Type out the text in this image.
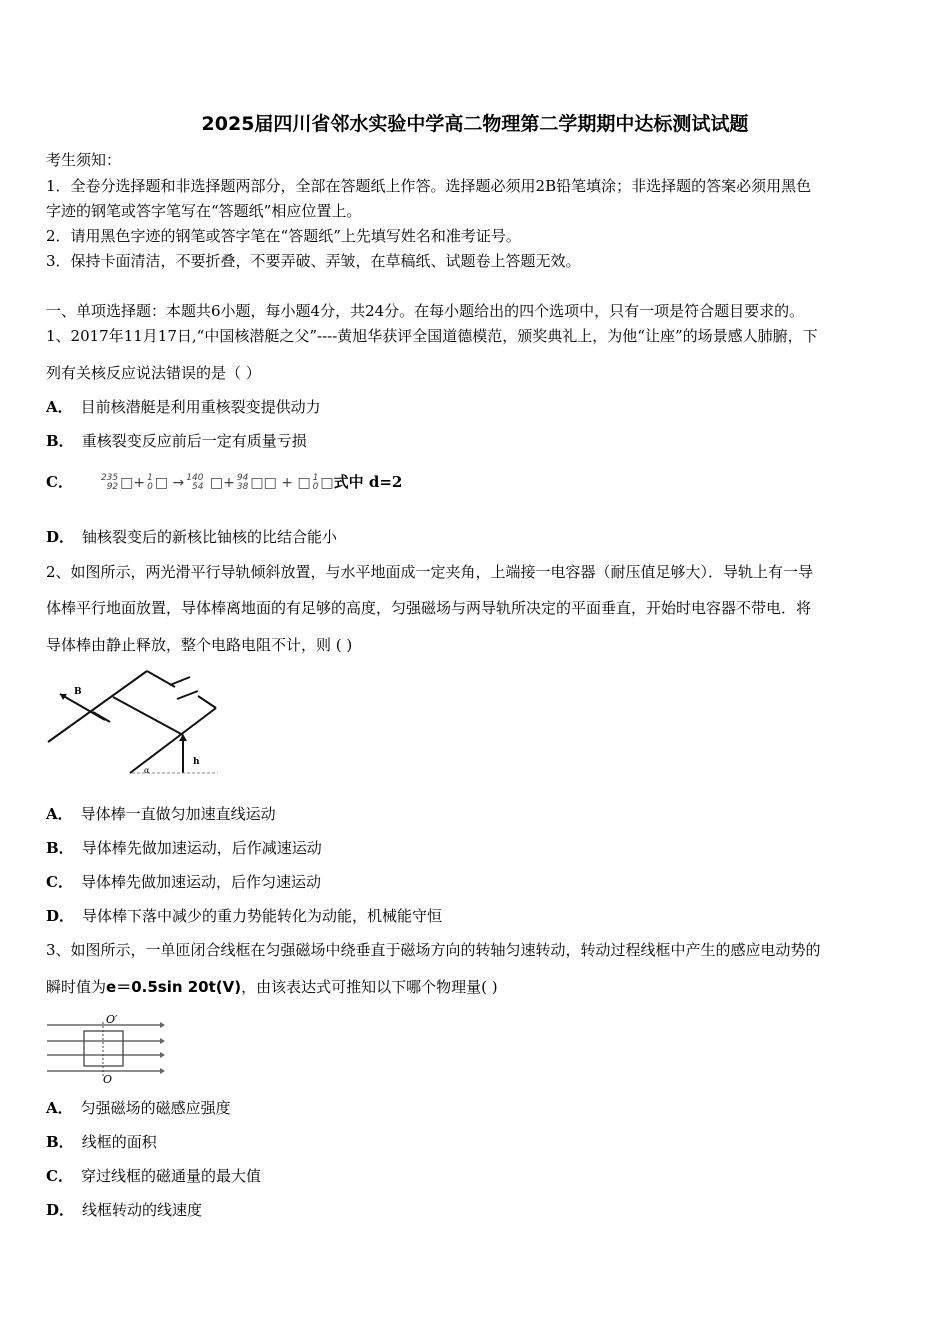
2025届四川省邻水实验中学高二物理第二学期期中达标测试试题
考生须知：
1．全卷分选择题和非选择题两部分，全部在答题纸上作答。选择题必须用2B铅笔填涂；非选择题的答案必须用黑色
字迹的钢笔或答字笔写在“答题纸”相应位置上。
2．请用黑色字迹的钢笔或答字笔在“答题纸”上先填写姓名和准考证号。
3．保持卡面清洁，不要折叠，不要弄破、弄皱，在草稿纸、试题卷上答题无效。
一、单项选择题：本题共6小题，每小题4分，共24分。在每小题给出的四个选项中，只有一项是符合题目要求的。
1、2017年11月17日,“中国核潜艇之父”----黄旭华获评全国道德模范，颁奖典礼上，为他“让座”的场景感人肺腑，下
列有关核反应说法错误的是（ ）
A． 目前核潜艇是利用重核裂变提供动力
B． 重核裂变反应前后一定有质量亏损
C．	235
92 □+ 1
0 □ → 140
54 □+ 94
38 □□ + □ 1
0 □式中 d=2
D． 铀核裂变后的新核比铀核的比结合能小
2、如图所示，两光滑平行导轨倾斜放置，与水平地面成一定夹角，上端接一电容器（耐压值足够大）．导轨上有一导
体棒平行地面放置，导体棒离地面的有足够的高度，匀强磁场与两导轨所决定的平面垂直，开始时电容器不带电．将
导体棒由静止释放，整个电路电阻不计，则 ( )
B
h
α
A． 导体棒一直做匀加速直线运动
B． 导体棒先做加速运动，后作减速运动
C． 导体棒先做加速运动，后作匀速运动
D． 导体棒下落中减少的重力势能转化为动能，机械能守恒
3、如图所示，一单匝闭合线框在匀强磁场中绕垂直于磁场方向的转轴匀速转动，转动过程线框中产生的感应电动势的
瞬时值为e＝0.5sin 20t(V)，由该表达式可推知以下哪个物理量( )
O′
O
A． 匀强磁场的磁感应强度
B． 线框的面积
C． 穿过线框的磁通量的最大值
D． 线框转动的线速度
